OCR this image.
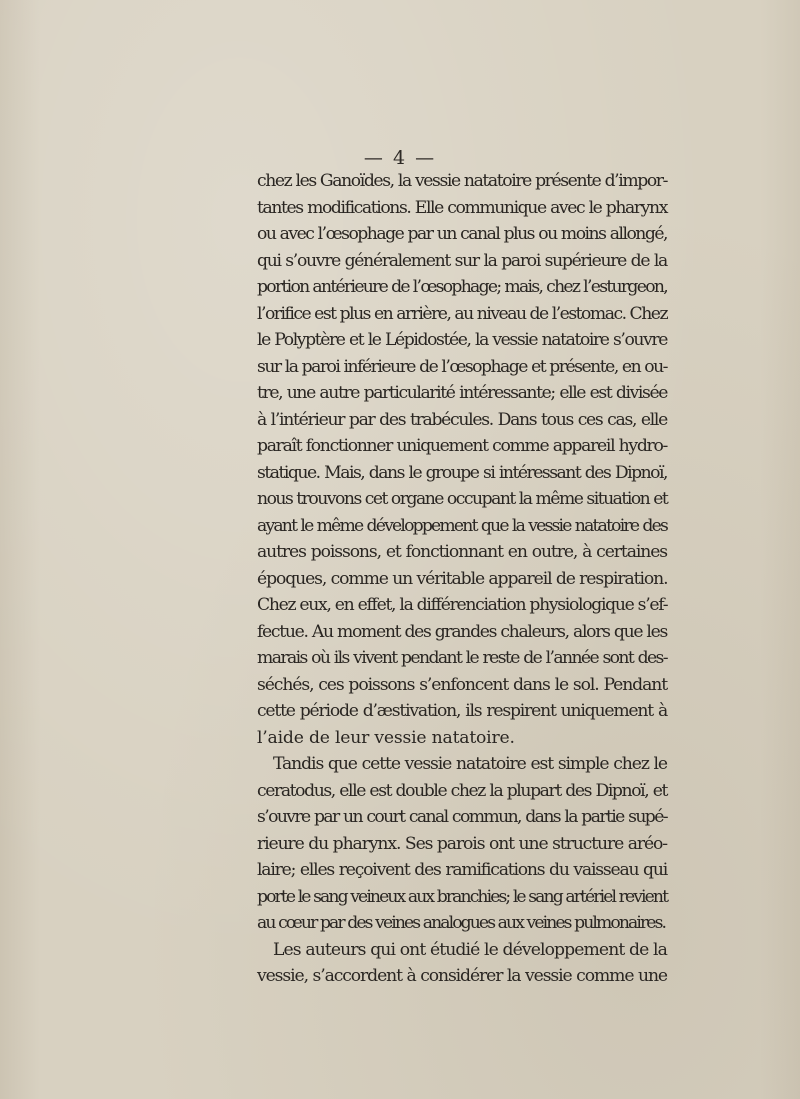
— 4 —
chez les Ganoïdes, la vessie natatoire présente d’impor-
tantes modifications. Elle communique avec le pharynx
ou avec l’œsophage par un canal plus ou moins allongé,
qui s’ouvre généralement sur la paroi supérieure de la
portion antérieure de l’œsophage; mais, chez l’esturgeon,
l’orifice est plus en arrière, au niveau de l’estomac. Chez
le Polyptère et le Lépidostée, la vessie natatoire s’ouvre
sur la paroi inférieure de l’œsophage et présente, en ou-
tre, une autre particularité intéressante; elle est divisée
à l’intérieur par des trabécules. Dans tous ces cas, elle
paraît fonctionner uniquement comme appareil hydro-
statique. Mais, dans le groupe si intéressant des Dipnoï,
nous trouvons cet organe occupant la même situation et
ayant le même développement que la vessie natatoire des
autres poissons, et fonctionnant en outre, à certaines
époques, comme un véritable appareil de respiration.
Chez eux, en effet, la différenciation physiologique s’ef-
fectue. Au moment des grandes chaleurs, alors que les
marais où ils vivent pendant le reste de l’année sont des-
séchés, ces poissons s’enfoncent dans le sol. Pendant
cette période d’æstivation, ils respirent uniquement à
l’aide de leur vessie natatoire.
Tandis que cette vessie natatoire est simple chez le
ceratodus, elle est double chez la plupart des Dipnoï, et
s’ouvre par un court canal commun, dans la partie supé-
rieure du pharynx. Ses parois ont une structure aréo-
laire; elles reçoivent des ramifications du vaisseau qui
porte le sang veineux aux branchies; le sang artériel revient
au cœur par des veines analogues aux veines pulmonaires.
Les auteurs qui ont étudié le développement de la
vessie, s’accordent à considérer la vessie comme une
